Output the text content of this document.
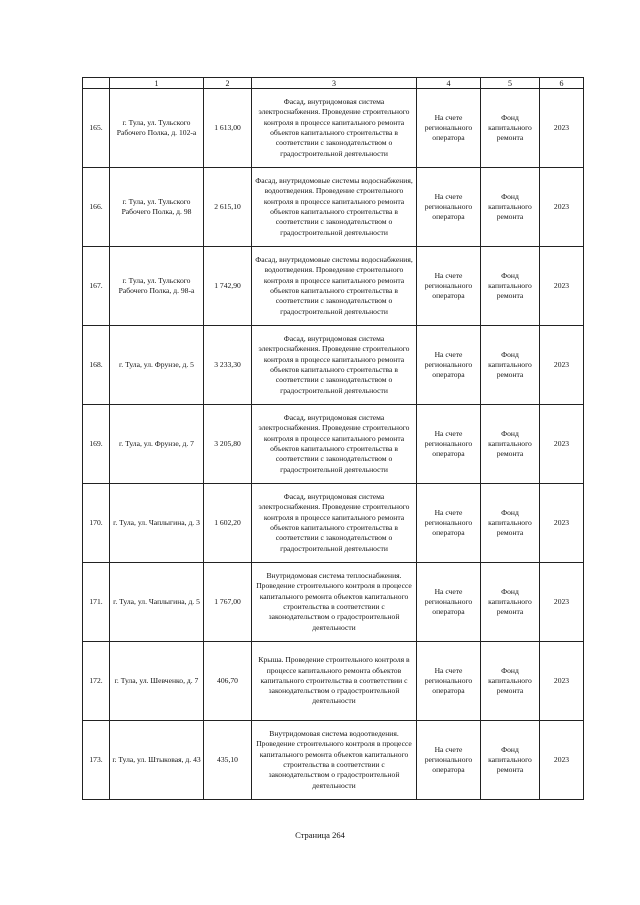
	1	2	3	4	5	6
165.	г. Тула, ул. Тульского Рабочего Полка, д. 102-а	1 613,00	Фасад, внутридомовая система электроснабжения. Проведение строительного контроля в процессе капитального ремонта объектов капитального строительства в соответствии с законодательством о градостроительной деятельности	На счете регионального оператора	Фонд капитального ремонта	2023
166.	г. Тула, ул. Тульского Рабочего Полка, д. 98	2 615,10	Фасад, внутридомовые системы водоснабжения, водоотведения. Проведение строительного контроля в процессе капитального ремонта объектов капитального строительства в соответствии с законодательством о градостроительной деятельности	На счете регионального оператора	Фонд капитального ремонта	2023
167.	г. Тула, ул. Тульского Рабочего Полка, д. 98-а	1 742,90	Фасад, внутридомовые системы водоснабжения, водоотведения. Проведение строительного контроля в процессе капитального ремонта объектов капитального строительства в соответствии с законодательством о градостроительной деятельности	На счете регионального оператора	Фонд капитального ремонта	2023
168.	г. Тула, ул. Фрунзе, д. 5	3 233,30	Фасад, внутридомовая система электроснабжения. Проведение строительного контроля в процессе капитального ремонта объектов капитального строительства в соответствии с законодательством о градостроительной деятельности	На счете регионального оператора	Фонд капитального ремонта	2023
169.	г. Тула, ул. Фрунзе, д. 7	3 205,80	Фасад, внутридомовая система электроснабжения. Проведение строительного контроля в процессе капитального ремонта объектов капитального строительства в соответствии с законодательством о градостроительной деятельности	На счете регионального оператора	Фонд капитального ремонта	2023
170.	г. Тула, ул. Чаплыгина, д. 3	1 602,20	Фасад, внутридомовая система электроснабжения. Проведение строительного контроля в процессе капитального ремонта объектов капитального строительства в соответствии с законодательством о градостроительной деятельности	На счете регионального оператора	Фонд капитального ремонта	2023
171.	г. Тула, ул. Чаплыгина, д. 5	1 767,00	Внутридомовая система теплоснабжения. Проведение строительного контроля в процессе капитального ремонта объектов капитального строительства в соответствии с законодательством о градостроительной деятельности	На счете регионального оператора	Фонд капитального ремонта	2023
172.	г. Тула, ул. Шевченко, д. 7	406,70	Крыша. Проведение строительного контроля в процессе капитального ремонта объектов капитального строительства в соответствии с законодательством о градостроительной деятельности	На счете регионального оператора	Фонд капитального ремонта	2023
173.	г. Тула, ул. Штыковая, д. 43	435,10	Внутридомовая система водоотведения. Проведение строительного контроля в процессе капитального ремонта объектов капитального строительства в соответствии с законодательством о градостроительной деятельности	На счете регионального оператора	Фонд капитального ремонта	2023
Страница 264
